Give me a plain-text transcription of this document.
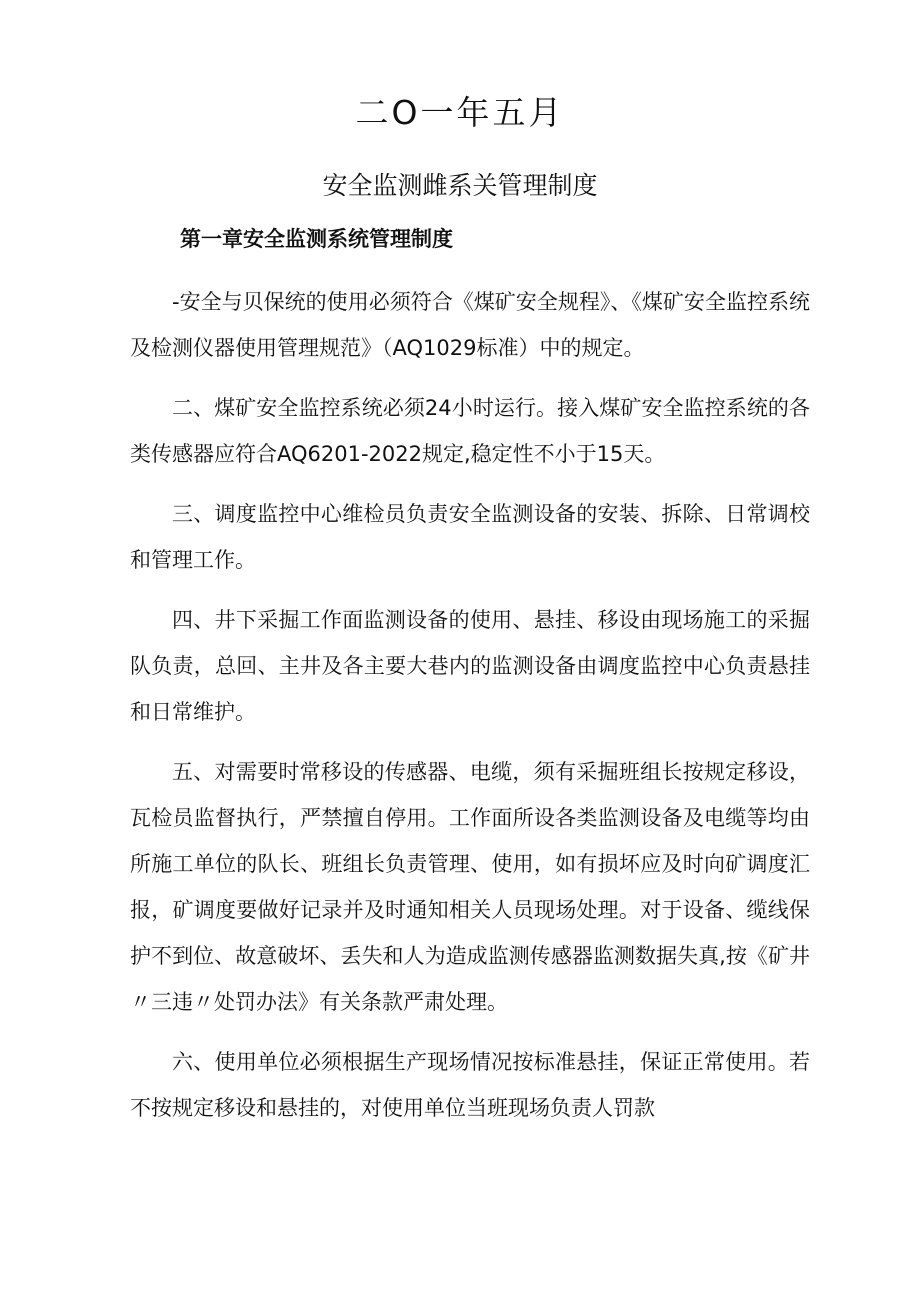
二O一年五月
安全监测雌系关管理制度
第一章安全监测系统管理制度

-安全与贝保统的使用必须符合《煤矿安全规程》、《煤矿安全监控系统及检测仪器使用管理规范》（AQ1029标准）中的规定。

二、煤矿安全监控系统必须24小时运行。接入煤矿安全监控系统的各类传感器应符合AQ6201-2022规定,稳定性不小于15天。

三、调度监控中心维检员负责安全监测设备的安装、拆除、日常调校和管理工作。

四、井下采掘工作面监测设备的使用、悬挂、移设由现场施工的采掘队负责，总回、主井及各主要大巷内的监测设备由调度监控中心负责悬挂和日常维护。

五、对需要时常移设的传感器、电缆，须有采掘班组长按规定移设，瓦检员监督执行，严禁擅自停用。工作面所设各类监测设备及电缆等均由所施工单位的队长、班组长负责管理、使用，如有损坏应及时向矿调度汇报，矿调度要做好记录并及时通知相关人员现场处理。对于设备、缆线保护不到位、故意破坏、丢失和人为造成监测传感器监测数据失真,按《矿井〃三违〃处罚办法》有关条款严肃处理。

六、使用单位必须根据生产现场情况按标准悬挂，保证正常使用。若不按规定移设和悬挂的，对使用单位当班现场负责人罚款
